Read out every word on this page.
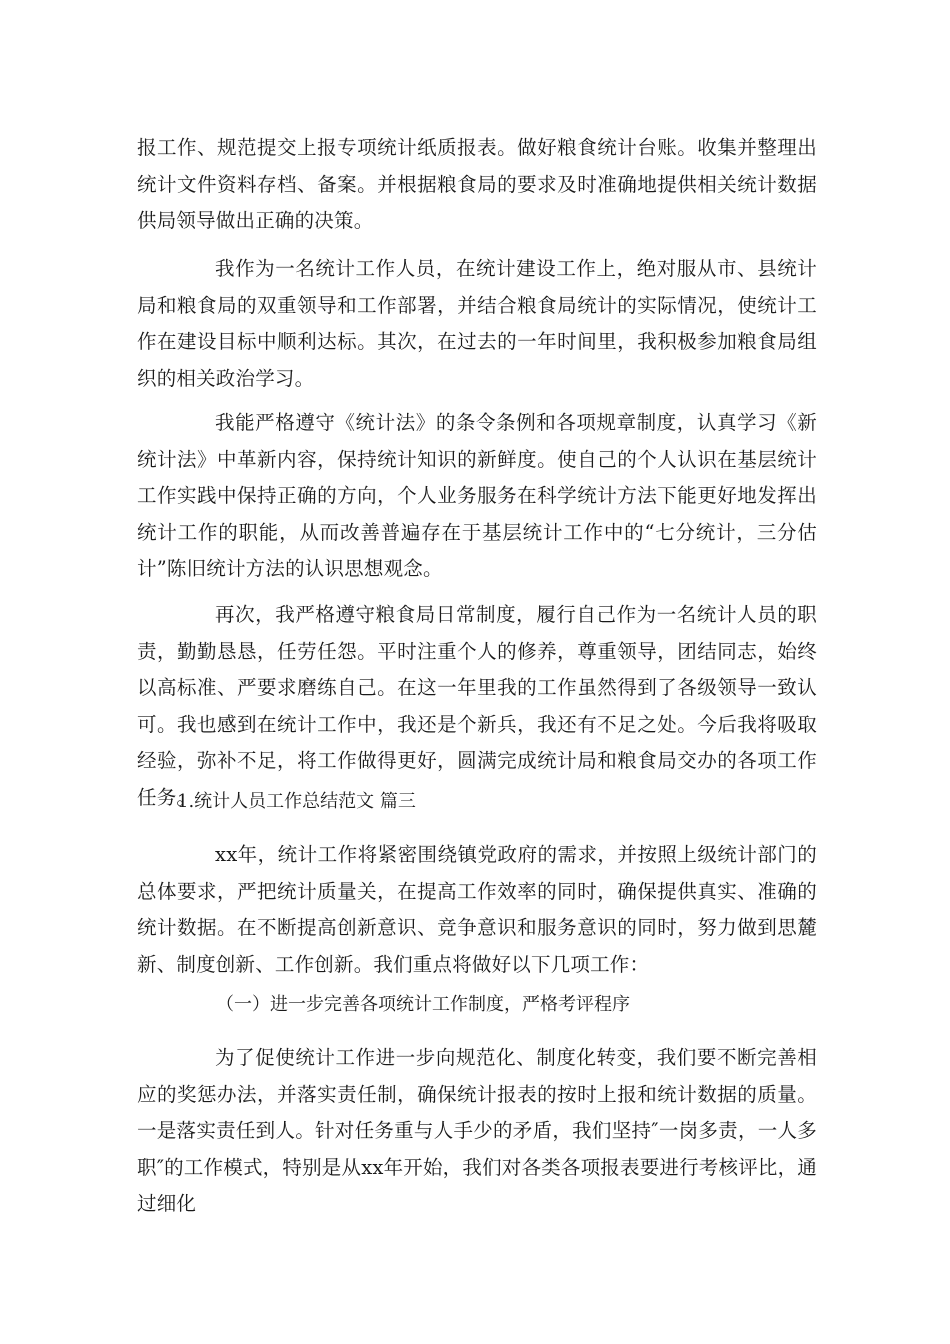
报工作、规范提交上报专项统计纸质报表。做好粮食统计台账。收集并整理出统计文件资料存档、备案。并根据粮食局的要求及时准确地提供相关统计数据供局领导做出正确的决策。

我作为一名统计工作人员，在统计建设工作上，绝对服从市、县统计局和粮食局的双重领导和工作部署，并结合粮食局统计的实际情况，使统计工作在建设目标中顺利达标。其次，在过去的一年时间里，我积极参加粮食局组织的相关政治学习。

我能严格遵守《统计法》的条令条例和各项规章制度，认真学习《新统计法》中革新内容，保持统计知识的新鲜度。使自己的个人认识在基层统计工作实践中保持正确的方向，个人业务服务在科学统计方法下能更好地发挥出统计工作的职能，从而改善普遍存在于基层统计工作中的“七分统计，三分估计”陈旧统计方法的认识思想观念。

再次，我严格遵守粮食局日常制度，履行自己作为一名统计人员的职责，勤勤恳恳，任劳任怨。平时注重个人的修养，尊重领导，团结同志，始终以高标准、严要求磨练自己。在这一年里我的工作虽然得到了各级领导一致认可。我也感到在统计工作中，我还是个新兵，我还有不足之处。今后我将吸取经验，弥补不足，将工作做得更好，圆满完成统计局和粮食局交办的各项工作任务。

1.统计人员工作总结范文 篇三

xx年，统计工作将紧密围绕镇党政府的需求，并按照上级统计部门的总体要求，严把统计质量关，在提高工作效率的同时，确保提供真实、准确的统计数据。在不断提高创新意识、竞争意识和服务意识的同时，努力做到思麓新、制度创新、工作创新。我们重点将做好以下几项工作：

（一）进一步完善各项统计工作制度，严格考评程序

为了促使统计工作进一步向规范化、制度化转变，我们要不断完善相应的奖惩办法，并落实责任制，确保统计报表的按时上报和统计数据的质量。一是落实责任到人。针对任务重与人手少的矛盾，我们坚持″一岗多责，一人多职″的工作模式，特别是从xx年开始，我们对各类各项报表要进行考核评比，通过细化
